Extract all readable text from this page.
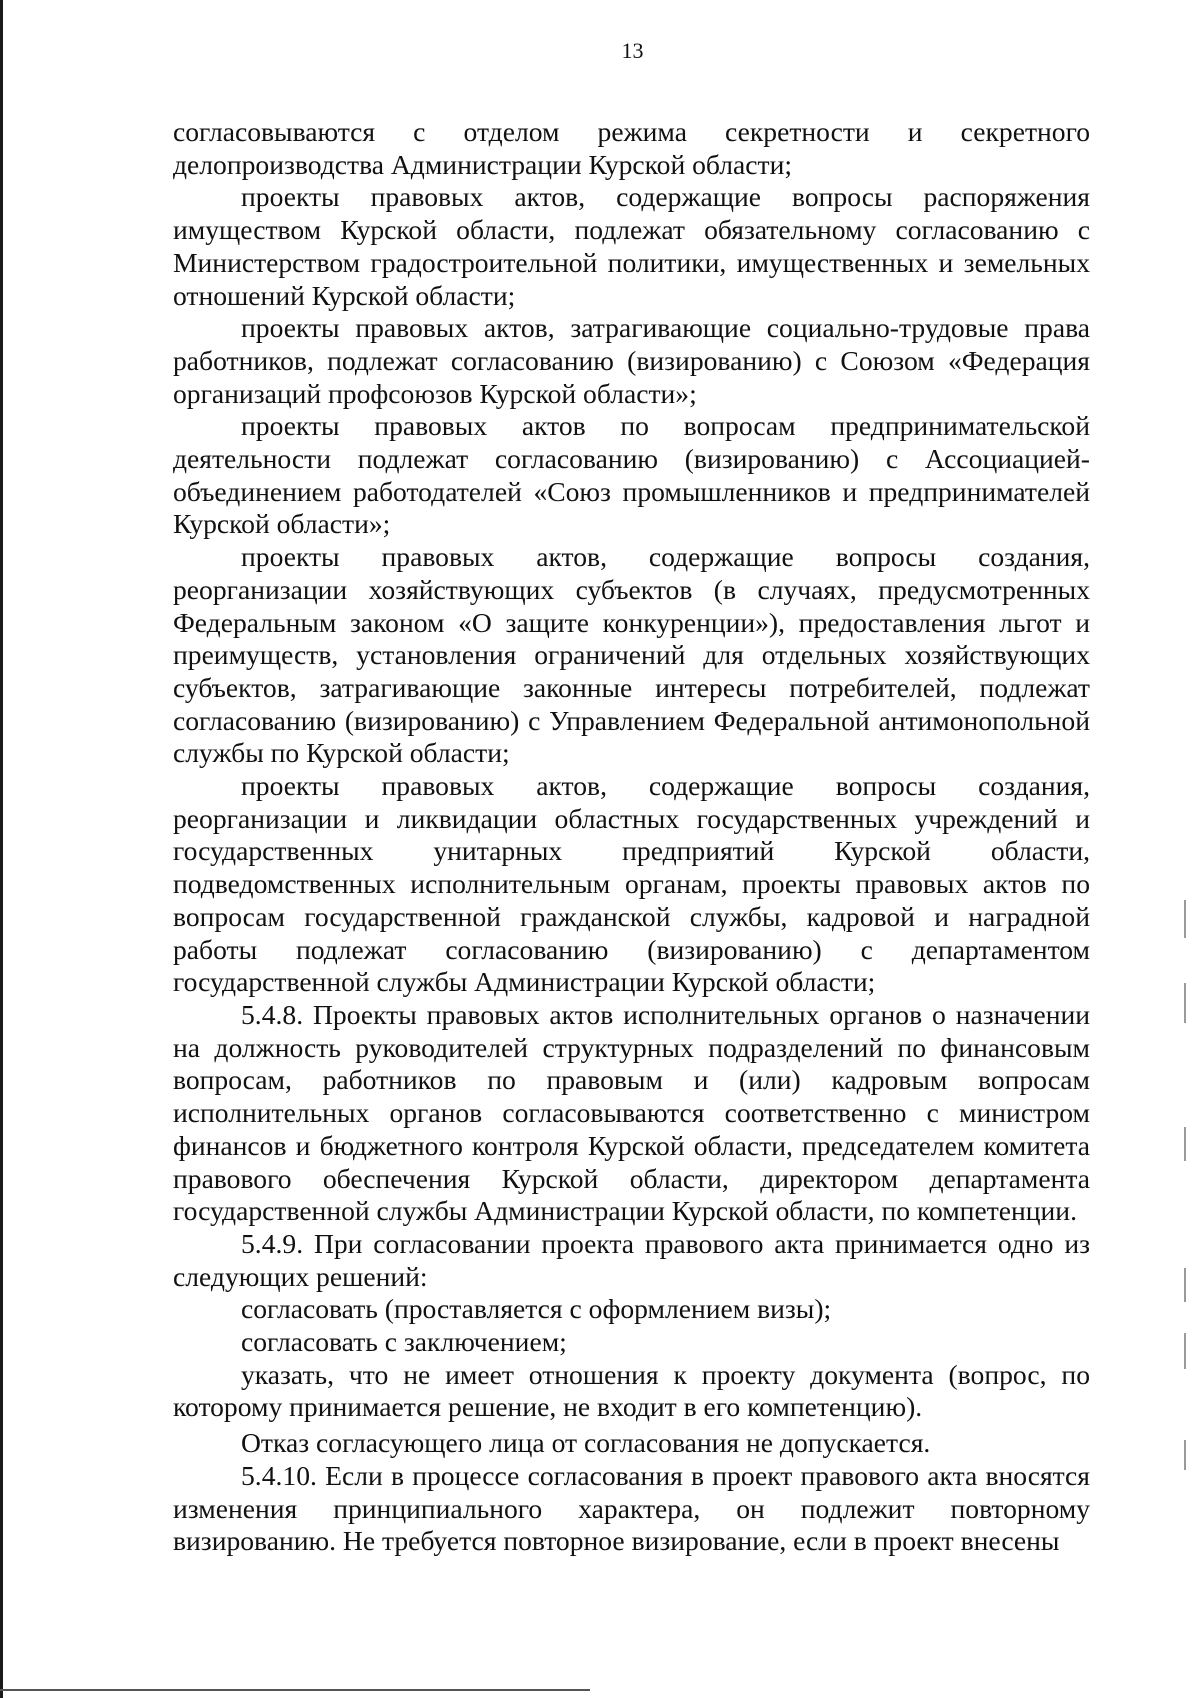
13

согласовываются с отделом режима секретности и секретного делопроизводства Администрации Курской области;

проекты правовых актов, содержащие вопросы распоряжения имуществом Курской области, подлежат обязательному согласованию с Министерством градостроительной политики, имущественных и земельных отношений Курской области;

проекты правовых актов, затрагивающие социально-трудовые права работников, подлежат согласованию (визированию) с Союзом «Федерация организаций профсоюзов Курской области»;

проекты правовых актов по вопросам предпринимательской деятельности подлежат согласованию (визированию) с Ассоциацией-объединением работодателей «Союз промышленников и предпринимателей Курской области»;

проекты правовых актов, содержащие вопросы создания, реорганизации хозяйствующих субъектов (в случаях, предусмотренных Федеральным законом «О защите конкуренции»), предоставления льгот и преимуществ, установления ограничений для отдельных хозяйствующих субъектов, затрагивающие законные интересы потребителей, подлежат согласованию (визированию) с Управлением Федеральной антимонопольной службы по Курской области;

проекты правовых актов, содержащие вопросы создания, реорганизации и ликвидации областных государственных учреждений и государственных унитарных предприятий Курской области, подведомственных исполнительным органам, проекты правовых актов по вопросам государственной гражданской службы, кадровой и наградной работы подлежат согласованию (визированию) с департаментом государственной службы Администрации Курской области;

5.4.8. Проекты правовых актов исполнительных органов о назначении на должность руководителей структурных подразделений по финансовым вопросам, работников по правовым и (или) кадровым вопросам исполнительных органов согласовываются соответственно с министром финансов и бюджетного контроля Курской области, председателем комитета правового обеспечения Курской области, директором департамента государственной службы Администрации Курской области, по компетенции.

5.4.9. При согласовании проекта правового акта принимается одно из следующих решений:

согласовать (проставляется с оформлением визы);

согласовать с заключением;

указать, что не имеет отношения к проекту документа (вопрос, по которому принимается решение, не входит в его компетенцию).

Отказ согласующего лица от согласования не допускается.

5.4.10. Если в процессе согласования в проект правового акта вносятся изменения принципиального характера, он подлежит повторному визированию. Не требуется повторное визирование, если в проект внесены
